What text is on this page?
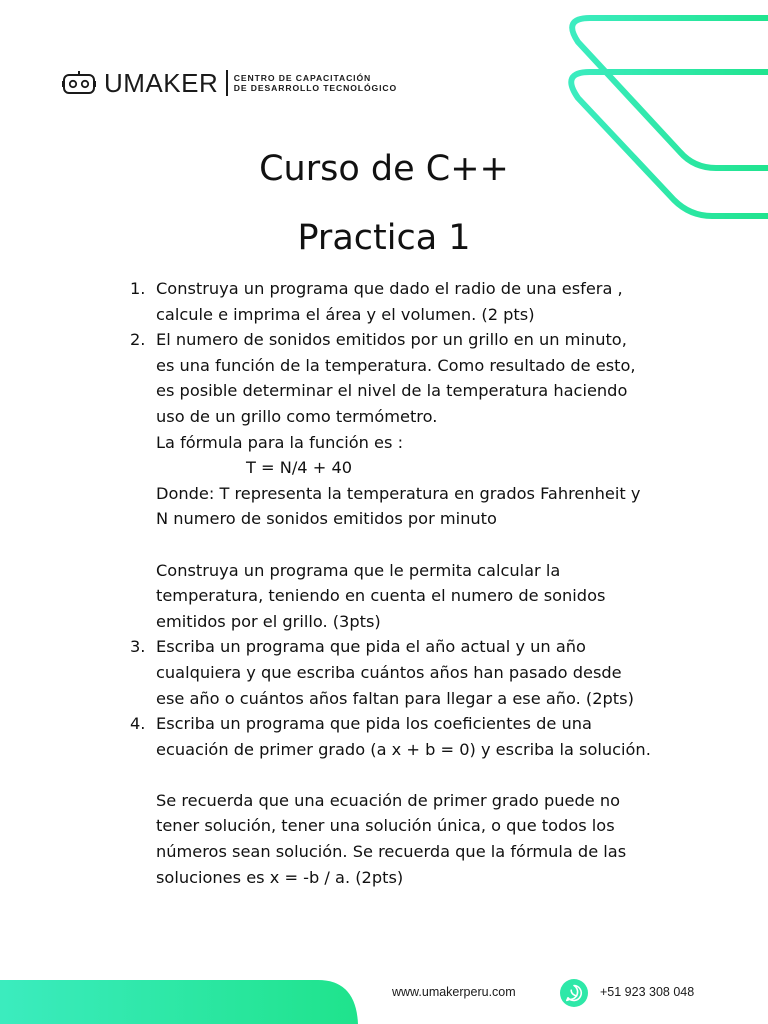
UMAKER CENTRO DE CAPACITACIÓN
DE DESARROLLO TECNOLÓGICO
Curso de C++
Practica 1
1. Construya un programa que dado el radio de una esfera ,
calcule e imprima el área y el volumen. (2 pts)
2. El numero de sonidos emitidos por un grillo en un minuto,
es una función de la temperatura. Como resultado de esto,
es posible determinar el nivel de la temperatura haciendo
uso de un grillo como termómetro.
La fórmula para la función es :
T = N/4 + 40
Donde: T representa la temperatura en grados Fahrenheit y
N numero de sonidos emitidos por minuto
Construya un programa que le permita calcular la
temperatura, teniendo en cuenta el numero de sonidos
emitidos por el grillo. (3pts)
3. Escriba un programa que pida el año actual y un año
cualquiera y que escriba cuántos años han pasado desde
ese año o cuántos años faltan para llegar a ese año. (2pts)
4. Escriba un programa que pida los coeficientes de una
ecuación de primer grado (a x + b = 0) y escriba la solución.
Se recuerda que una ecuación de primer grado puede no
tener solución, tener una solución única, o que todos los
números sean solución. Se recuerda que la fórmula de las
soluciones es x = -b / a. (2pts)
www.umakerperu.com	+51 923 308 048
